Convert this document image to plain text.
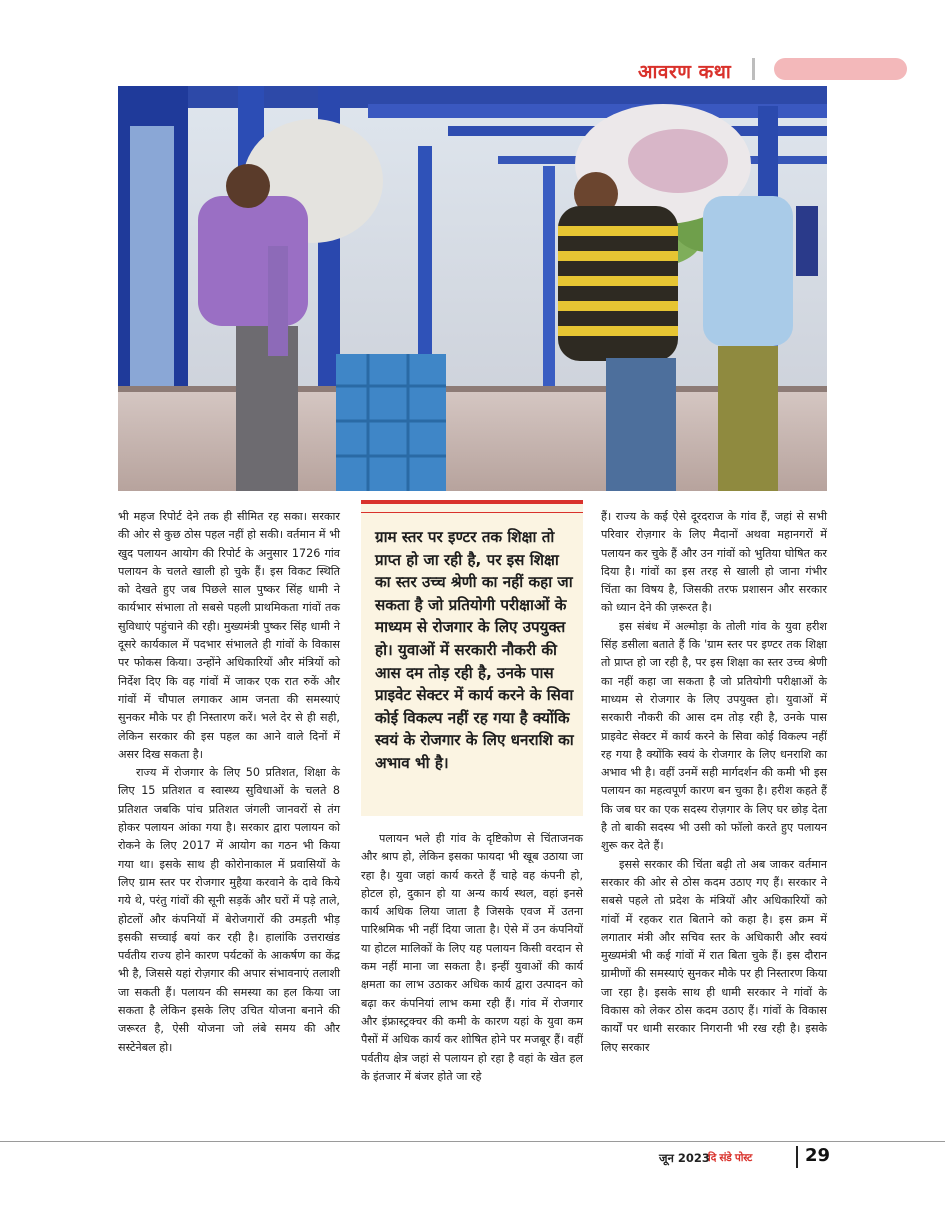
आवरण कथा

भी महज रिपोर्ट देने तक ही सीमित रह सका। सरकार की ओर से कुछ ठोस पहल नहीं हो सकी। वर्तमान में भी खुद पलायन आयोग की रिपोर्ट के अनुसार 1726 गांव पलायन के चलते खाली हो चुके हैं। इस विकट स्थिति को देखते हुए जब पिछले साल पुष्कर सिंह धामी ने कार्यभार संभाला तो सबसे पहली प्राथमिकता गांवों तक सुविधाएं पहुंचाने की रही। मुख्यमंत्री पुष्कर सिंह धामी ने दूसरे कार्यकाल में पदभार संभालते ही गांवों के विकास पर फोकस किया। उन्होंने अधिकारियों और मंत्रियों को निर्देश दिए कि वह गांवों में जाकर एक रात रुकें और गांवों में चौपाल लगाकर आम जनता की समस्याएं सुनकर मौके पर ही निस्तारण करें। भले देर से ही सही, लेकिन सरकार की इस पहल का आने वाले दिनों में असर दिख सकता है।

राज्य में रोजगार के लिए 50 प्रतिशत, शिक्षा के लिए 15 प्रतिशत व स्वास्थ्य सुविधाओं के चलते 8 प्रतिशत जबकि पांच प्रतिशत जंगली जानवरों से तंग होकर पलायन आंका गया है। सरकार द्वारा पलायन को रोकने के लिए 2017 में आयोग का गठन भी किया गया था। इसके साथ ही कोरोनाकाल में प्रवासियों के लिए ग्राम स्तर पर रोजगार मुहैया करवाने के दावे किये गये थे, परंतु गांवों की सूनी सड़कें और घरों में पड़े ताले, होटलों और कंपनियों में बेरोजगारों की उमड़ती भीड़ इसकी सच्चाई बयां कर रही है। हालांकि उत्तराखंड पर्वतीय राज्य होने कारण पर्यटकों के आकर्षण का केंद्र भी है, जिससे यहां रोज़गार की अपार संभावनाएं तलाशी जा सकती हैं। पलायन की समस्या का हल किया जा सकता है लेकिन इसके लिए उचित योजना बनाने की जरूरत है, ऐसी योजना जो लंबे समय की और सस्टेनेबल हो।

ग्राम स्तर पर इण्टर तक शिक्षा तो प्राप्त हो जा रही है, पर इस शिक्षा का स्तर उच्च श्रेणी का नहीं कहा जा सकता है जो प्रतियोगी परीक्षाओं के माध्यम से रोजगार के लिए उपयुक्त हो। युवाओं में सरकारी नौकरी की आस दम तोड़ रही है, उनके पास प्राइवेट सेक्टर में कार्य करने के सिवा कोई विकल्प नहीं रह गया है क्योंकि स्वयं के रोजगार के लिए धनराशि का अभाव भी है।

पलायन भले ही गांव के दृष्टिकोण से चिंताजनक और श्राप हो, लेकिन इसका फायदा भी खूब उठाया जा रहा है। युवा जहां कार्य करते हैं चाहे वह कंपनी हो, होटल हो, दुकान हो या अन्य कार्य स्थल, वहां इनसे कार्य अधिक लिया जाता है जिसके एवज में उतना पारिश्रमिक भी नहीं दिया जाता है। ऐसे में उन कंपनियों या होटल मालिकों के लिए यह पलायन किसी वरदान से कम नहीं माना जा सकता है। इन्हीं युवाओं की कार्य क्षमता का लाभ उठाकर अधिक कार्य द्वारा उत्पादन को बढ़ा कर कंपनियां लाभ कमा रही हैं। गांव में रोजगार और इंफ्रास्ट्रक्चर की कमी के कारण यहां के युवा कम पैसों में अधिक कार्य कर शोषित होने पर मजबूर हैं। वहीं पर्वतीय क्षेत्र जहां से पलायन हो रहा है वहां के खेत हल के इंतजार में बंजर होते जा रहे

हैं। राज्य के कई ऐसे दूरदराज के गांव हैं, जहां से सभी परिवार रोज़गार के लिए मैदानों अथवा महानगरों में पलायन कर चुके हैं और उन गांवों को भुतिया घोषित कर दिया है। गांवों का इस तरह से खाली हो जाना गंभीर चिंता का विषय है, जिसकी तरफ प्रशासन और सरकार को ध्यान देने की ज़रूरत है।

इस संबंध में अल्मोड़ा के तोली गांव के युवा हरीश सिंह डसीला बताते हैं कि 'ग्राम स्तर पर इण्टर तक शिक्षा तो प्राप्त हो जा रही है, पर इस शिक्षा का स्तर उच्च श्रेणी का नहीं कहा जा सकता है जो प्रतियोगी परीक्षाओं के माध्यम से रोजगार के लिए उपयुक्त हो। युवाओं में सरकारी नौकरी की आस दम तोड़ रही है, उनके पास प्राइवेट सेक्टर में कार्य करने के सिवा कोई विकल्प नहीं रह गया है क्योंकि स्वयं के रोजगार के लिए धनराशि का अभाव भी है। वहीं उनमें सही मार्गदर्शन की कमी भी इस पलायन का महत्वपूर्ण कारण बन चुका है। हरीश कहते हैं कि जब घर का एक सदस्य रोज़गार के लिए घर छोड़ देता है तो बाकी सदस्य भी उसी को फॉलो करते हुए पलायन शुरू कर देते हैं।

इससे सरकार की चिंता बढ़ी तो अब जाकर वर्तमान सरकार की ओर से ठोस कदम उठाए गए हैं। सरकार ने सबसे पहले तो प्रदेश के मंत्रियों और अधिकारियों को गांवों में रहकर रात बिताने को कहा है। इस क्रम में लगातार मंत्री और सचिव स्तर के अधिकारी और स्वयं मुख्यमंत्री भी कई गांवों में रात बिता चुके हैं। इस दौरान ग्रामीणों की समस्याएं सुनकर मौके पर ही निस्तारण किया जा रहा है। इसके साथ ही धामी सरकार ने गांवों के विकास को लेकर ठोस कदम उठाए हैं। गांवों के विकास कार्यों पर धामी सरकार निगरानी भी रख रही है। इसके लिए सरकार

जून 2023
दि संडे पोस्ट	29
